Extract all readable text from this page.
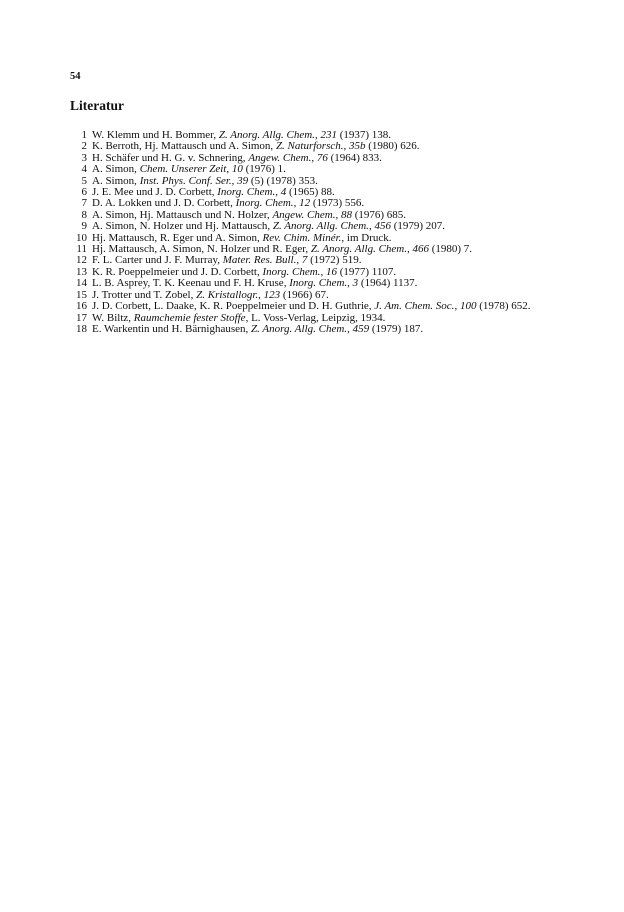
54
Literatur
1 W. Klemm und H. Bommer, Z. Anorg. Allg. Chem., 231 (1937) 138.
2 K. Berroth, Hj. Mattausch und A. Simon, Z. Naturforsch., 35b (1980) 626.
3 H. Schäfer und H. G. v. Schnering, Angew. Chem., 76 (1964) 833.
4 A. Simon, Chem. Unserer Zeit, 10 (1976) 1.
5 A. Simon, Inst. Phys. Conf. Ser., 39 (5) (1978) 353.
6 J. E. Mee und J. D. Corbett, Inorg. Chem., 4 (1965) 88.
7 D. A. Lokken und J. D. Corbett, Inorg. Chem., 12 (1973) 556.
8 A. Simon, Hj. Mattausch und N. Holzer, Angew. Chem., 88 (1976) 685.
9 A. Simon, N. Holzer und Hj. Mattausch, Z. Anorg. Allg. Chem., 456 (1979) 207.
10 Hj. Mattausch, R. Eger und A. Simon, Rev. Chim. Minér., im Druck.
11 Hj. Mattausch, A. Simon, N. Holzer und R. Eger, Z. Anorg. Allg. Chem., 466 (1980) 7.
12 F. L. Carter und J. F. Murray, Mater. Res. Bull., 7 (1972) 519.
13 K. R. Poeppelmeier und J. D. Corbett, Inorg. Chem., 16 (1977) 1107.
14 L. B. Asprey, T. K. Keenau und F. H. Kruse, Inorg. Chem., 3 (1964) 1137.
15 J. Trotter und T. Zobel, Z. Kristallogr., 123 (1966) 67.
16 J. D. Corbett, L. Daake, K. R. Poeppelmeier und D. H. Guthrie, J. Am. Chem. Soc., 100 (1978) 652.
17 W. Biltz, Raumchemie fester Stoffe, L. Voss-Verlag, Leipzig, 1934.
18 E. Warkentin und H. Bärnighausen, Z. Anorg. Allg. Chem., 459 (1979) 187.
